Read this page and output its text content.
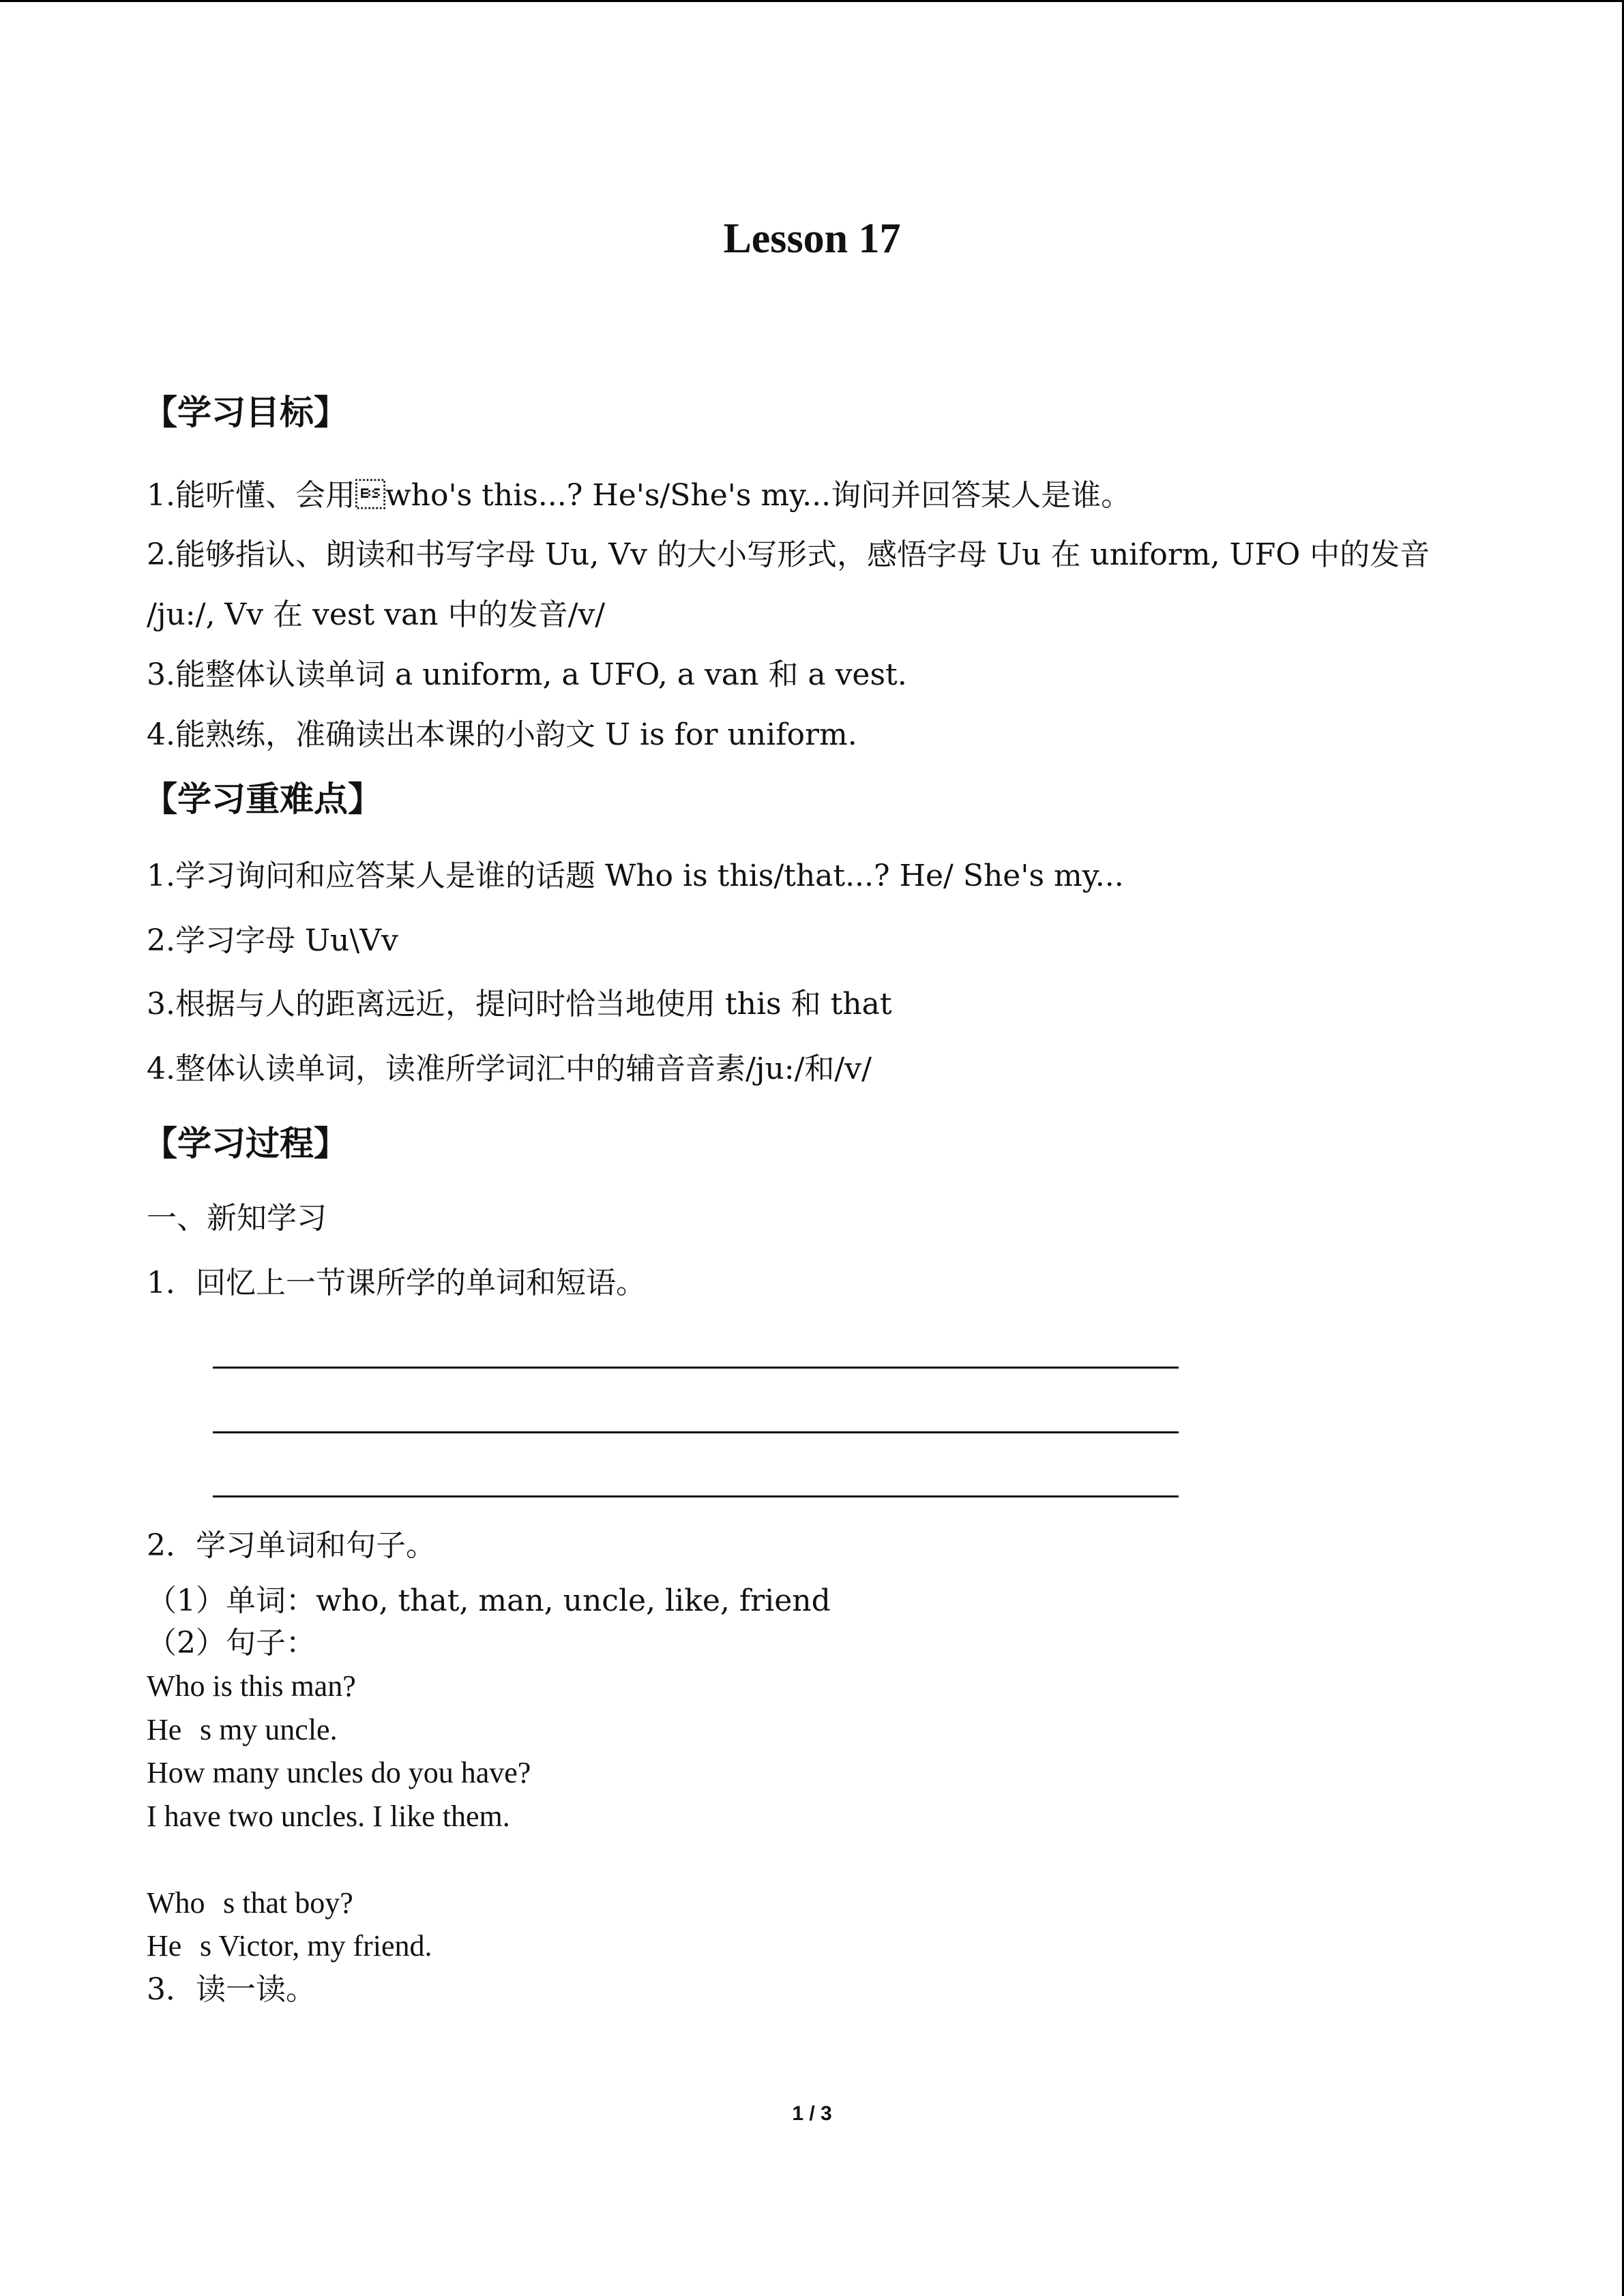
Lesson 17
【学习目标】
1.能听懂、会用who's this...? He's/She's my...询问并回答某人是谁。
2.能够指认、朗读和书写字母 Uu, Vv 的大小写形式，感悟字母 Uu 在 uniform, UFO 中的发音
/ju:/, Vv 在 vest van 中的发音/v/
3.能整体认读单词 a uniform, a UFO, a van 和 a vest.
4.能熟练，准确读出本课的小韵文 U is for uniform.
【学习重难点】
1.学习询问和应答某人是谁的话题 Who is this/that...? He/ She's my...
2.学习字母 Uu\Vv
3.根据与人的距离远近，提问时恰当地使用 this 和 that
4.整体认读单词，读准所学词汇中的辅音音素/ju:/和/v/
【学习过程】
一、新知学习
1．回忆上一节课所学的单词和短语。
2．学习单词和句子。
（1）单词：who, that, man, uncle, like, friend
（2）句子：
Who is this man?
Hes my uncle.
How many uncles do you have?
I have two uncles. I like them.
Whos that boy?
Hes Victor, my friend.
3．读一读。
1 / 3
